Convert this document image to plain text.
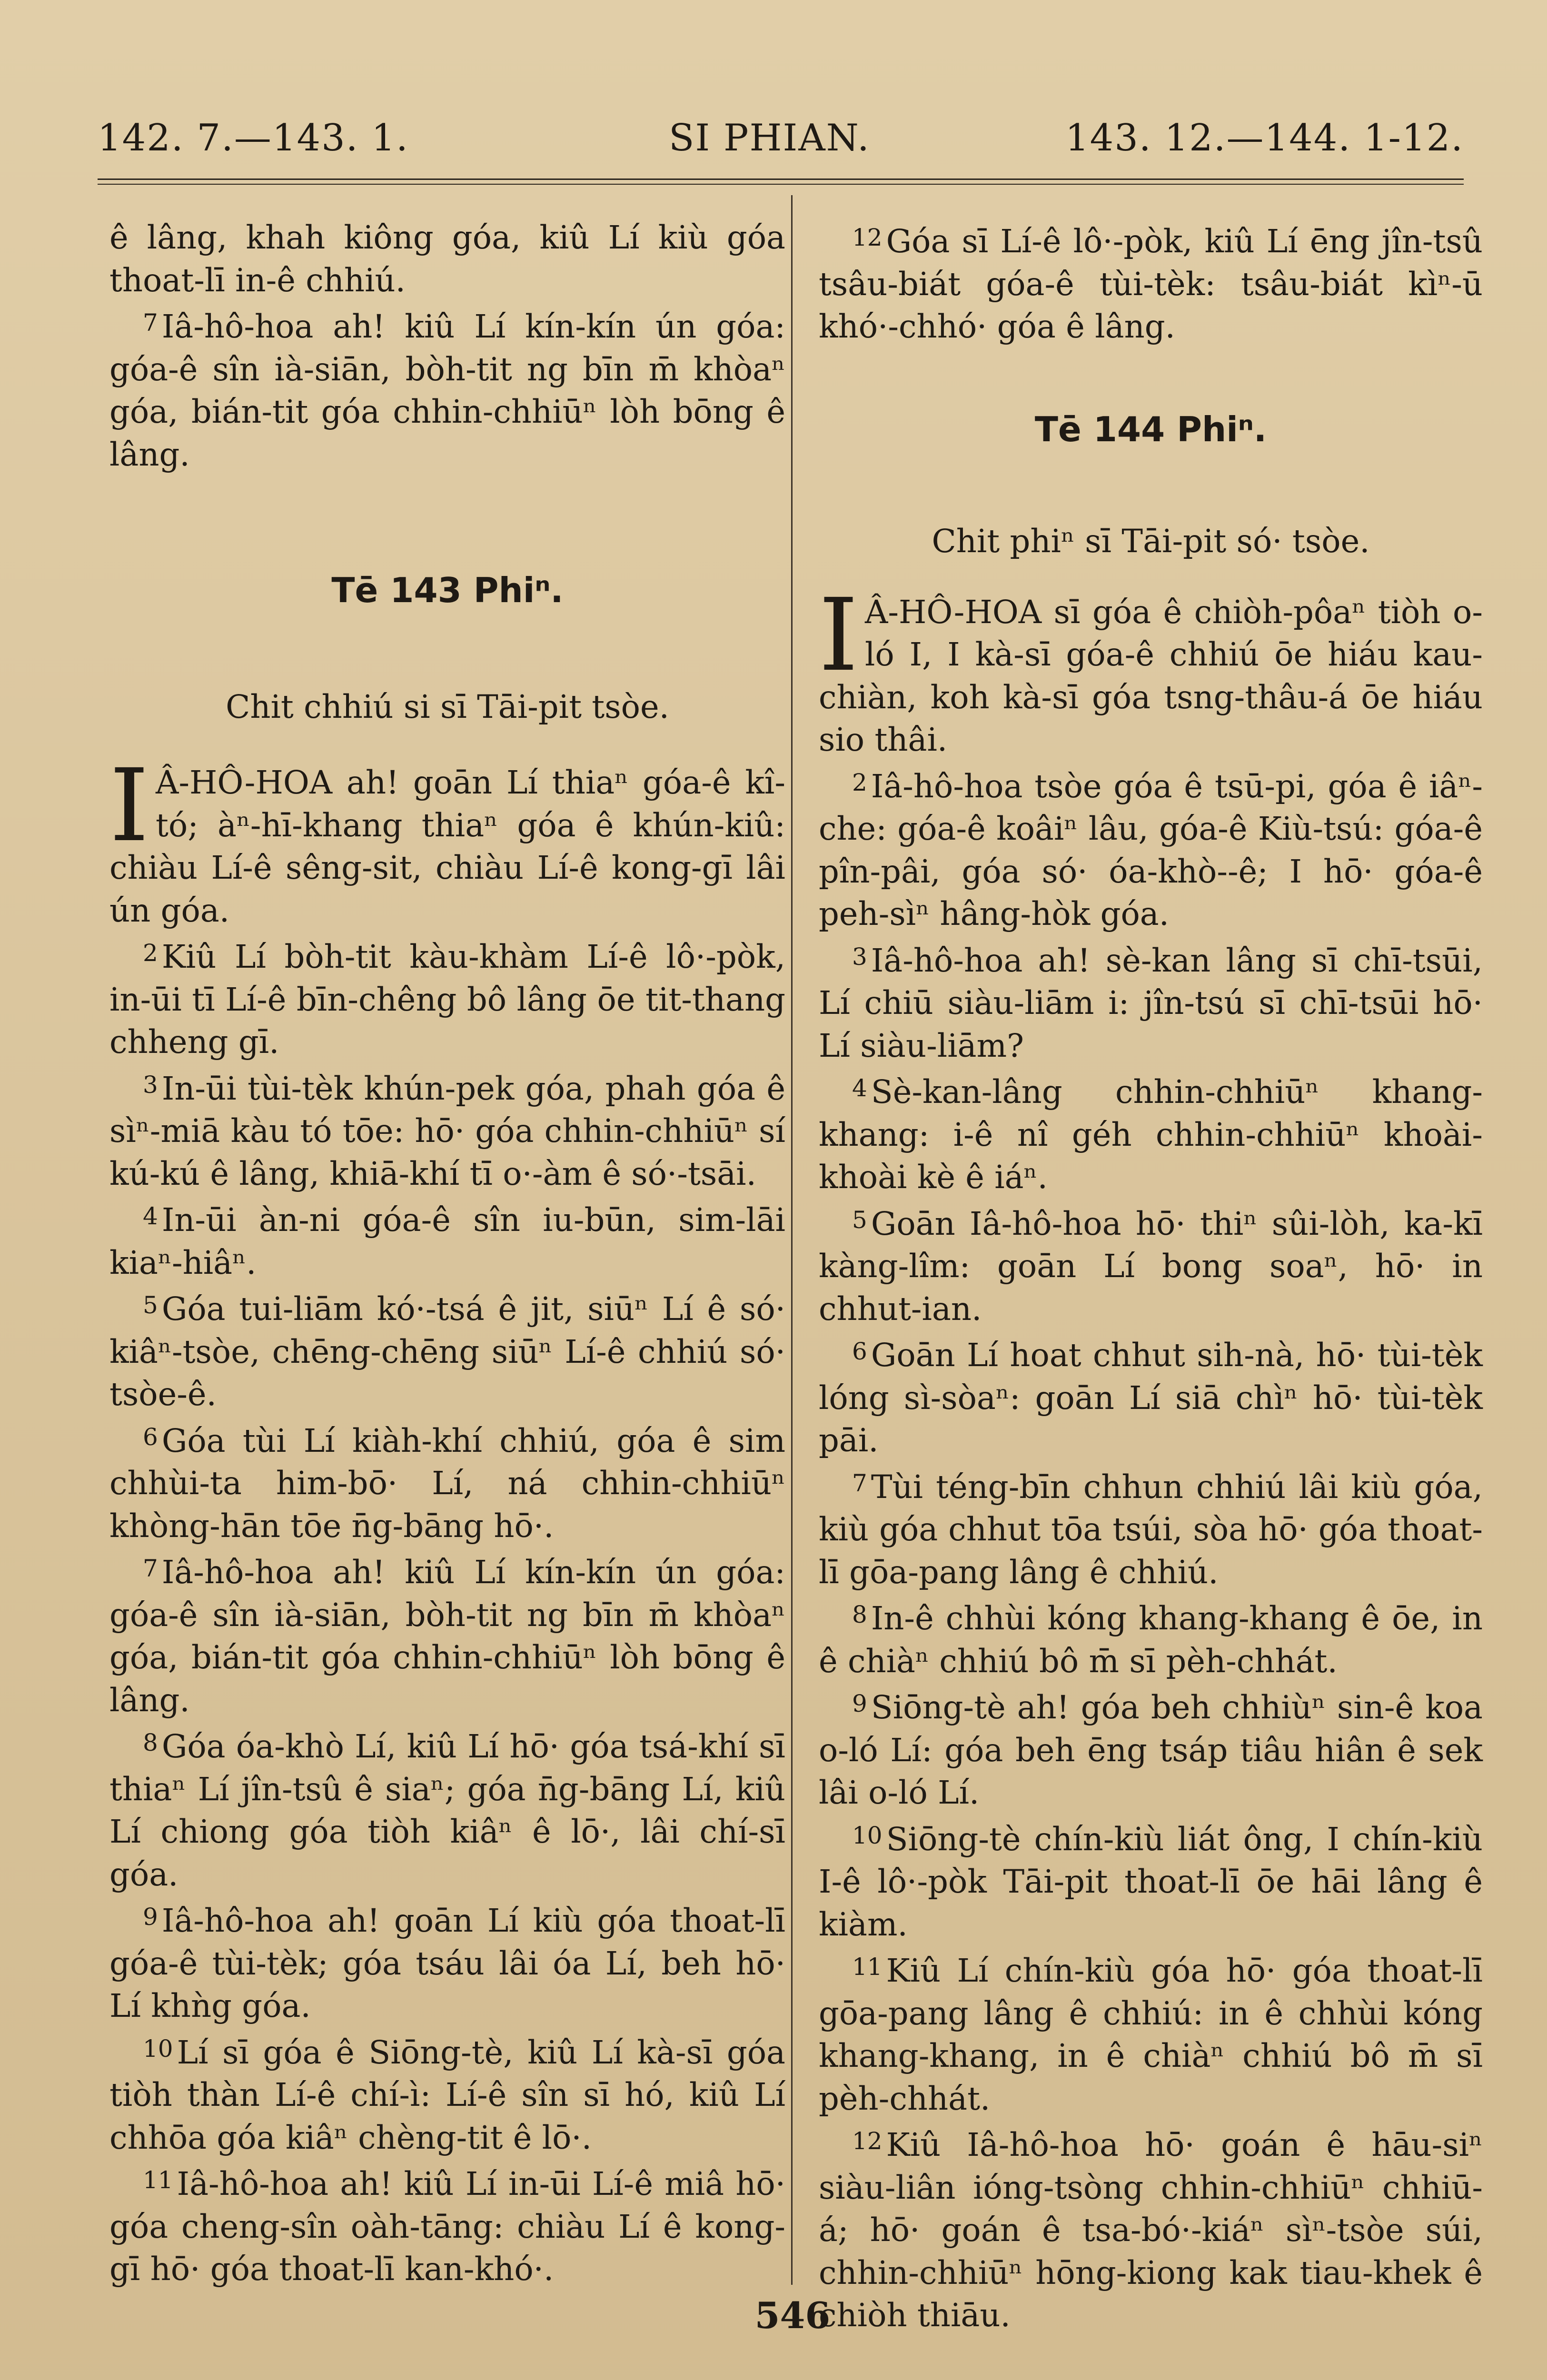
142. 7.—143. 1.	SI PHIAN.	143. 12.—144. 1-12.

ê lâng, khah kiông góa, kiû Lí kiù góa thoat-lī in-ê chhiú.

$^7$ Iâ-hô-hoa ah! kiû Lí kín-kín ún góa: góa-ê sîn ià-siān, bòh-tit ng bīn m̄ khòaⁿ góa, bián-tit góa chhin-chhiūⁿ lòh bōng ê lâng.

Tē 143 Phiⁿ.

Chit chhiú si sī Tāi-pit tsòe.

I Â-HÔ-HOA ah! goān Lí thiaⁿ góa-ê kî-tó; àⁿ-hī-khang thiaⁿ góa ê khún-kiû: chiàu Lí-ê sêng-sit, chiàu Lí-ê kong-gī lâi ún góa.

$^2$ Kiû Lí bòh-tit kàu-khàm Lí-ê lô·-pòk, in-ūi tī Lí-ê bīn-chêng bô lâng ōe tit-thang chheng gī.

$^3$ In-ūi tùi-tèk khún-pek góa, phah góa ê sìⁿ-miā kàu tó tōe: hō· góa chhin-chhiūⁿ sí kú-kú ê lâng, khiā-khí tī o·-àm ê só·-tsāi.

$^4$ In-ūi àn-ni góa-ê sîn iu-būn, sim-lāi kiaⁿ-hiâⁿ.

$^5$ Góa tui-liām kó·-tsá ê jit, siūⁿ Lí ê só· kiâⁿ-tsòe, chēng-chēng siūⁿ Lí-ê chhiú só· tsòe-ê.

$^6$ Góa tùi Lí kiàh-khí chhiú, góa ê sim chhùi-ta him-bō· Lí, ná chhin-chhiūⁿ khòng-hān tōe n̄g-bāng hō·.

$^7$ Iâ-hô-hoa ah! kiû Lí kín-kín ún góa: góa-ê sîn ià-siān, bòh-tit ng bīn m̄ khòaⁿ góa, bián-tit góa chhin-chhiūⁿ lòh bōng ê lâng.

$^8$ Góa óa-khò Lí, kiû Lí hō· góa tsá-khí sī thiaⁿ Lí jîn-tsû ê siaⁿ; góa n̄g-bāng Lí, kiû Lí chiong góa tiòh kiâⁿ ê lō·, lâi chí-sī góa.

$^9$ Iâ-hô-hoa ah! goān Lí kiù góa thoat-lī góa-ê tùi-tèk; góa tsáu lâi óa Lí, beh hō· Lí khǹg góa.

$^{10}$ Lí sī góa ê Siōng-tè, kiû Lí kà-sī góa tiòh thàn Lí-ê chí-ì: Lí-ê sîn sī hó, kiû Lí chhōa góa kiâⁿ chèng-tit ê lō·.

$^{11}$ Iâ-hô-hoa ah! kiû Lí in-ūi Lí-ê miâ hō· góa cheng-sîn oàh-tāng: chiàu Lí ê kong-gī hō· góa thoat-lī kan-khó·.

$^{12}$ Góa sī Lí-ê lô·-pòk, kiû Lí ēng jîn-tsû tsâu-biát góa-ê tùi-tèk: tsâu-biát kìⁿ-ū khó·-chhó· góa ê lâng.

Tē 144 Phiⁿ.

Chit phiⁿ sī Tāi-pit só· tsòe.

I Â-HÔ-HOA sī góa ê chiòh-pôaⁿ tiòh o-ló I, I kà-sī góa-ê chhiú ōe hiáu kau-chiàn, koh kà-sī góa tsng-thâu-á ōe hiáu sio thâi.

$^2$ Iâ-hô-hoa tsòe góa ê tsū-pi, góa ê iâⁿ-che: góa-ê koâiⁿ lâu, góa-ê Kiù-tsú: góa-ê pîn-pâi, góa só· óa-khò--ê; I hō· góa-ê peh-sìⁿ hâng-hòk góa.

$^3$ Iâ-hô-hoa ah! sè-kan lâng sī chī-tsūi, Lí chiū siàu-liām i: jîn-tsú sī chī-tsūi hō· Lí siàu-liām?

$^4$ Sè-kan-lâng chhin-chhiūⁿ khang-khang: i-ê nî géh chhin-chhiūⁿ khoài-khoài kè ê iáⁿ.

$^5$ Goān Iâ-hô-hoa hō· thiⁿ sûi-lòh, ka-kī kàng-lîm: goān Lí bong soaⁿ, hō· in chhut-ian.

$^6$ Goān Lí hoat chhut sih-nà, hō· tùi-tèk lóng sì-sòaⁿ: goān Lí siā chìⁿ hō· tùi-tèk pāi.

$^7$ Tùi téng-bīn chhun chhiú lâi kiù góa, kiù góa chhut tōa tsúi, sòa hō· góa thoat-lī gōa-pang lâng ê chhiú.

$^8$ In-ê chhùi kóng khang-khang ê ōe, in ê chiàⁿ chhiú bô m̄ sī pèh-chhát.

$^9$ Siōng-tè ah! góa beh chhiùⁿ sin-ê koa o-ló Lí: góa beh ēng tsáp tiâu hiân ê sek lâi o-ló Lí.

$^{10}$ Siōng-tè chín-kiù liát ông, I chín-kiù I-ê lô·-pòk Tāi-pit thoat-lī ōe hāi lâng ê kiàm.

$^{11}$ Kiû Lí chín-kiù góa hō· góa thoat-lī gōa-pang lâng ê chhiú: in ê chhùi kóng khang-khang, in ê chiàⁿ chhiú bô m̄ sī pèh-chhát.

$^{12}$ Kiû Iâ-hô-hoa hō· goán ê hāu-siⁿ siàu-liân ióng-tsòng chhin-chhiūⁿ chhiū-á; hō· goán ê tsa-bó·-kiáⁿ sìⁿ-tsòe súi, chhin-chhiūⁿ hōng-kiong kak tiau-khek ê chiòh thiāu.

546
